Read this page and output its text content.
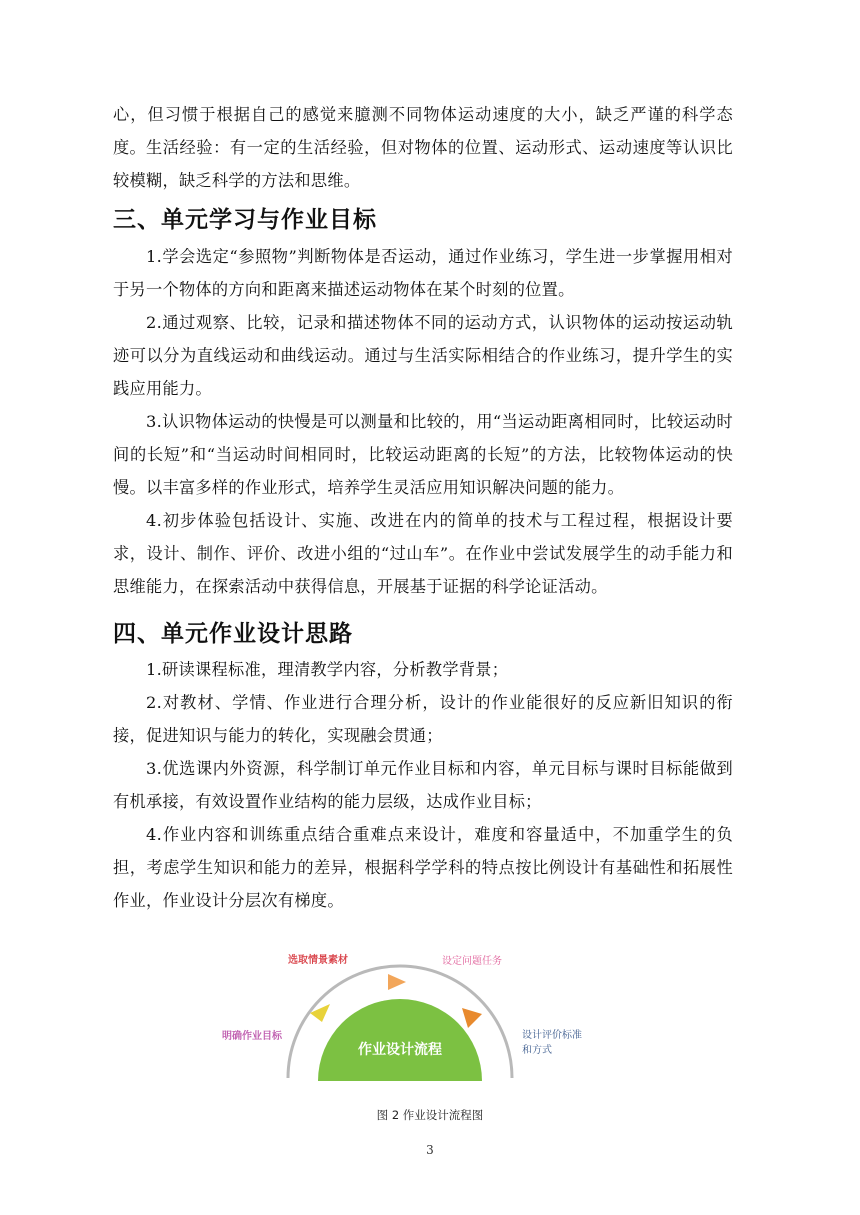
心，但习惯于根据自己的感觉来臆测不同物体运动速度的大小，缺乏严谨的科学态度。 生活经验：有一定的生活经验，但对物体的位置、运动形式、运动速度等认识比较模糊，缺乏科学的方法和思维。

三、单元学习与作业目标

1.学会选定“参照物”判断物体是否运动，通过作业练习，学生进一步掌握用相对于另一个物体的方向和距离来描述运动物体在某个时刻的位置。

2.通过观察、比较，记录和描述物体不同的运动方式，认识物体的运动按运动轨迹可以分为直线运动和曲线运动。通过与生活实际相结合的作业练习，提升学生的实践应用能力。

3.认识物体运动的快慢是可以测量和比较的，用“当运动距离相同时，比较运动时间的长短”和“当运动时间相同时，比较运动距离的长短”的方法，比较物体运动的快慢。以丰富多样的作业形式，培养学生灵活应用知识解决问题的能力。

4.初步体验包括设计、实施、改进在内的简单的技术与工程过程，根据设计要求，设计、制作、评价、改进小组的“过山车”。在作业中尝试发展学生的动手能力和思维能力，在探索活动中获得信息，开展基于证据的科学论证活动。

四、单元作业设计思路

1.研读课程标准，理清教学内容，分析教学背景；

2.对教材、学情、作业进行合理分析，设计的作业能很好的反应新旧知识的衔接，促进知识与能力的转化，实现融会贯通；

3.优选课内外资源，科学制订单元作业目标和内容，单元目标与课时目标能做到有机承接，有效设置作业结构的能力层级，达成作业目标；

4.作业内容和训练重点结合重难点来设计，难度和容量适中，不加重学生的负担，考虑学生知识和能力的差异，根据科学学科的特点按比例设计有基础性和拓展性作业，作业设计分层次有梯度。

作业设计流程
明确作业目标
选取情景素材	设定问题任务
设计评价标准
和方式
图 2 作业设计流程图
3
